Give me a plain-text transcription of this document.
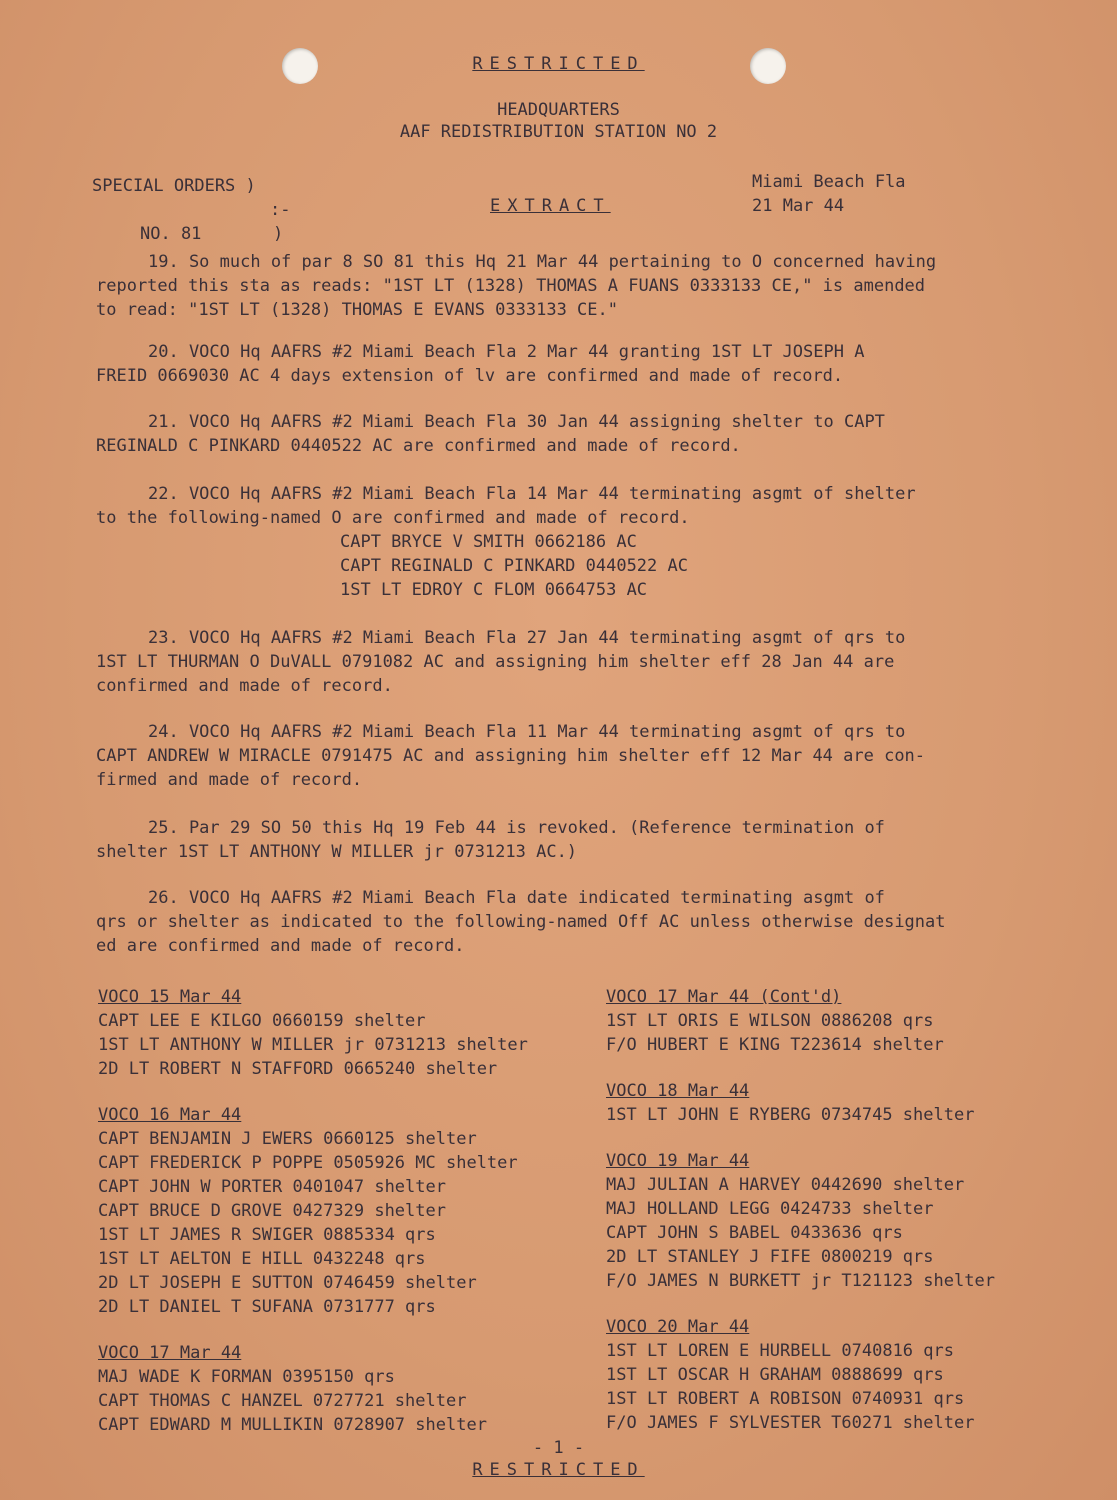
RESTRICTED
HEADQUARTERS
AAF REDISTRIBUTION STATION NO 2
SPECIAL ORDERS )
:-
NO. 81       )
EXTRACT
Miami Beach Fla
21 Mar 44
19. So much of par 8 SO 81 this Hq 21 Mar 44 pertaining to O concerned having
reported this sta as reads: "1ST LT (1328) THOMAS A FUANS 0333133 CE," is amended
to read: "1ST LT (1328) THOMAS E EVANS 0333133 CE."
20. VOCO Hq AAFRS #2 Miami Beach Fla 2 Mar 44 granting 1ST LT JOSEPH A
FREID 0669030 AC 4 days extension of lv are confirmed and made of record.
21. VOCO Hq AAFRS #2 Miami Beach Fla 30 Jan 44 assigning shelter to CAPT
REGINALD C PINKARD 0440522 AC are confirmed and made of record.
22. VOCO Hq AAFRS #2 Miami Beach Fla 14 Mar 44 terminating asgmt of shelter
to the following-named O are confirmed and made of record.
23. VOCO Hq AAFRS #2 Miami Beach Fla 27 Jan 44 terminating asgmt of qrs to
1ST LT THURMAN O DuVALL 0791082 AC and assigning him shelter eff 28 Jan 44 are
confirmed and made of record.
24. VOCO Hq AAFRS #2 Miami Beach Fla 11 Mar 44 terminating asgmt of qrs to
CAPT ANDREW W MIRACLE 0791475 AC and assigning him shelter eff 12 Mar 44 are con-
firmed and made of record.
25. Par 29 SO 50 this Hq 19 Feb 44 is revoked. (Reference termination of
shelter 1ST LT ANTHONY W MILLER jr 0731213 AC.)
26. VOCO Hq AAFRS #2 Miami Beach Fla date indicated terminating asgmt of
qrs or shelter as indicated to the following-named Off AC unless otherwise designat
ed are confirmed and made of record.
CAPT BRYCE V SMITH 0662186 AC
CAPT REGINALD C PINKARD 0440522 AC
1ST LT EDROY C FLOM 0664753 AC
VOCO 15 Mar 44
CAPT LEE E KILGO 0660159 shelter
1ST LT ANTHONY W MILLER jr 0731213 shelter
2D LT ROBERT N STAFFORD 0665240 shelter
VOCO 16 Mar 44
CAPT BENJAMIN J EWERS 0660125 shelter
CAPT FREDERICK P POPPE 0505926 MC shelter
CAPT JOHN W PORTER 0401047 shelter
CAPT BRUCE D GROVE 0427329 shelter
1ST LT JAMES R SWIGER 0885334 qrs
1ST LT AELTON E HILL 0432248 qrs
2D LT JOSEPH E SUTTON 0746459 shelter
2D LT DANIEL T SUFANA 0731777 qrs
VOCO 17 Mar 44
MAJ WADE K FORMAN 0395150 qrs
CAPT THOMAS C HANZEL 0727721 shelter
CAPT EDWARD M MULLIKIN 0728907 shelter
VOCO 17 Mar 44 (Cont'd)
1ST LT ORIS E WILSON 0886208 qrs
F/O HUBERT E KING T223614 shelter
VOCO 18 Mar 44
1ST LT JOHN E RYBERG 0734745 shelter
VOCO 19 Mar 44
MAJ JULIAN A HARVEY 0442690 shelter
MAJ HOLLAND LEGG 0424733 shelter
CAPT JOHN S BABEL 0433636 qrs
2D LT STANLEY J FIFE 0800219 qrs
F/O JAMES N BURKETT jr T121123 shelter
VOCO 20 Mar 44
1ST LT LOREN E HURBELL 0740816 qrs
1ST LT OSCAR H GRAHAM 0888699 qrs
1ST LT ROBERT A ROBISON 0740931 qrs
F/O JAMES F SYLVESTER T60271 shelter
- 1 -
RESTRICTED
